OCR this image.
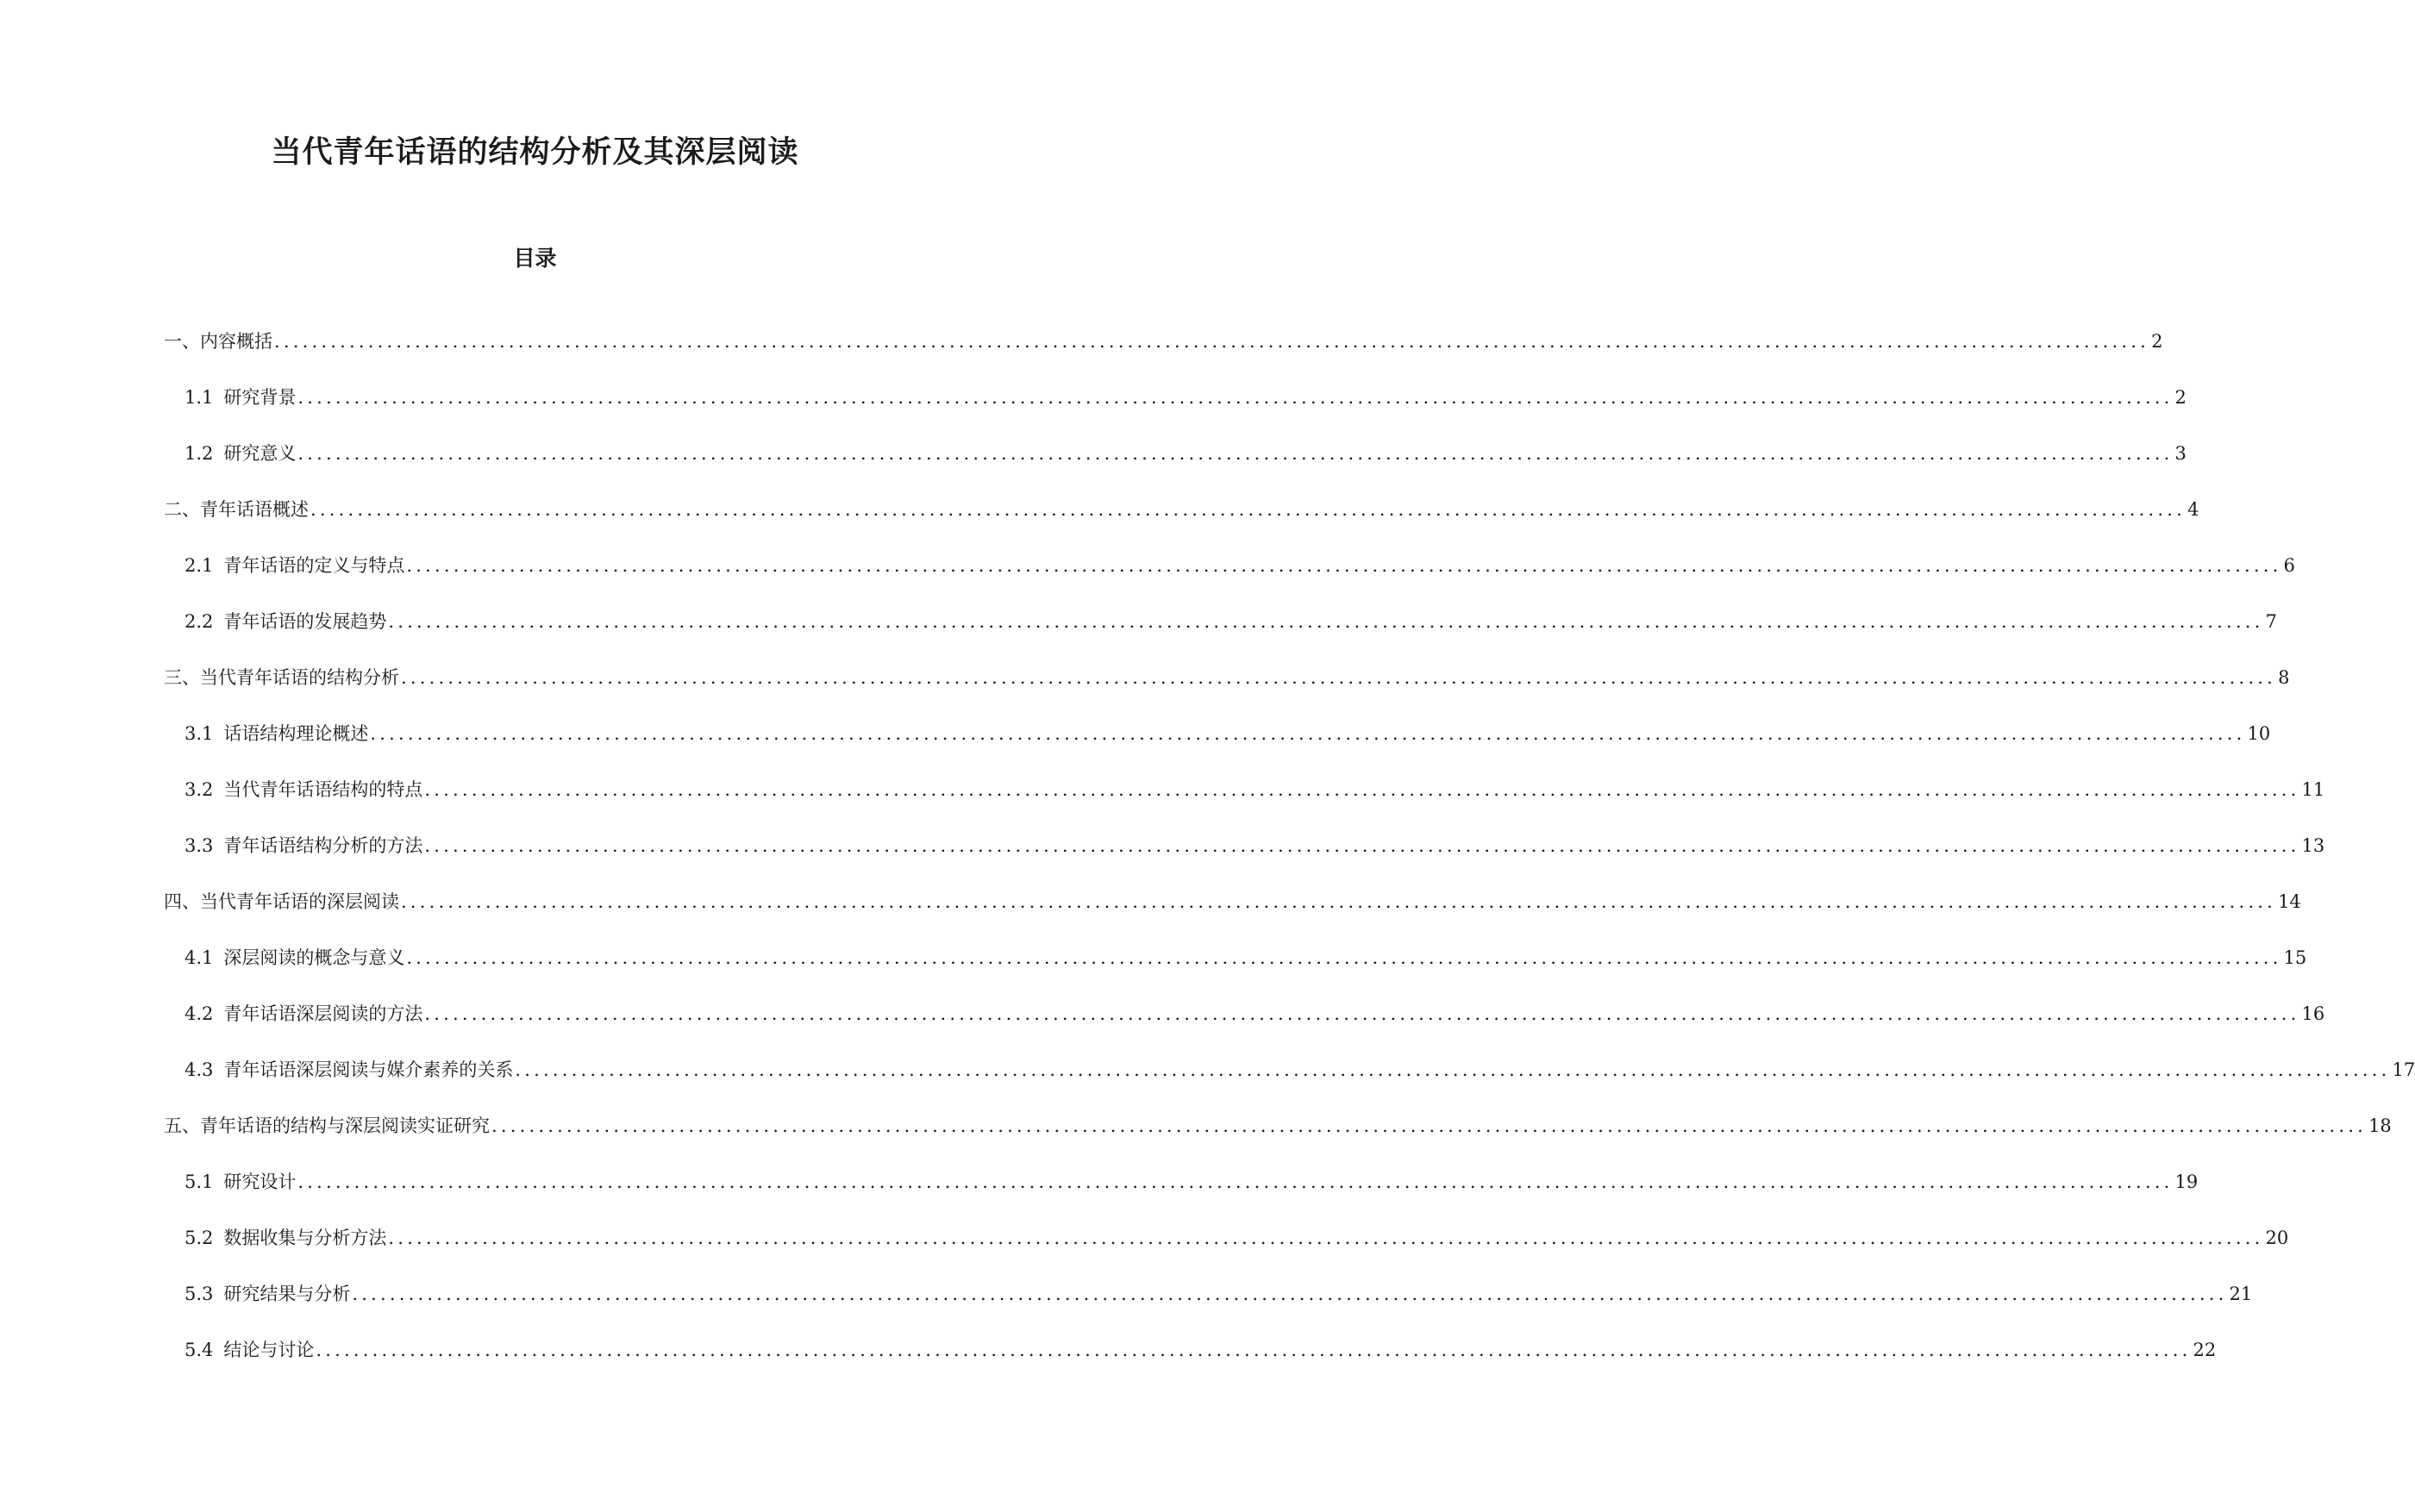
当代青年话语的结构分析及其深层阅读
目录
一、 内容概括 ........................................................................................................................................................................................................ 2
1.1 研究背景 ........................................................................................................................................................................................................ 2
1.2 研究意义 ........................................................................................................................................................................................................ 3
二、 青年话语概述 ........................................................................................................................................................................................................ 4
2.1 青年话语的定义与特点 ........................................................................................................................................................................................................ 6
2.2 青年话语的发展趋势 ........................................................................................................................................................................................................ 7
三、 当代青年话语的结构分析 ........................................................................................................................................................................................................ 8
3.1 话语结构理论概述 ........................................................................................................................................................................................................ 10
3.2 当代青年话语结构的特点 ........................................................................................................................................................................................................ 11
3.3 青年话语结构分析的方法 ........................................................................................................................................................................................................ 13
四、 当代青年话语的深层阅读 ........................................................................................................................................................................................................ 14
4.1 深层阅读的概念与意义 ........................................................................................................................................................................................................ 15
4.2 青年话语深层阅读的方法 ........................................................................................................................................................................................................ 16
4.3 青年话语深层阅读与媒介素养的关系 ........................................................................................................................................................................................................ 17
五、 青年话语的结构与深层阅读实证研究 ........................................................................................................................................................................................................ 18
5.1 研究设计 ........................................................................................................................................................................................................ 19
5.2 数据收集与分析方法 ........................................................................................................................................................................................................ 20
5.3 研究结果与分析 ........................................................................................................................................................................................................ 21
5.4 结论与讨论 ........................................................................................................................................................................................................ 22
